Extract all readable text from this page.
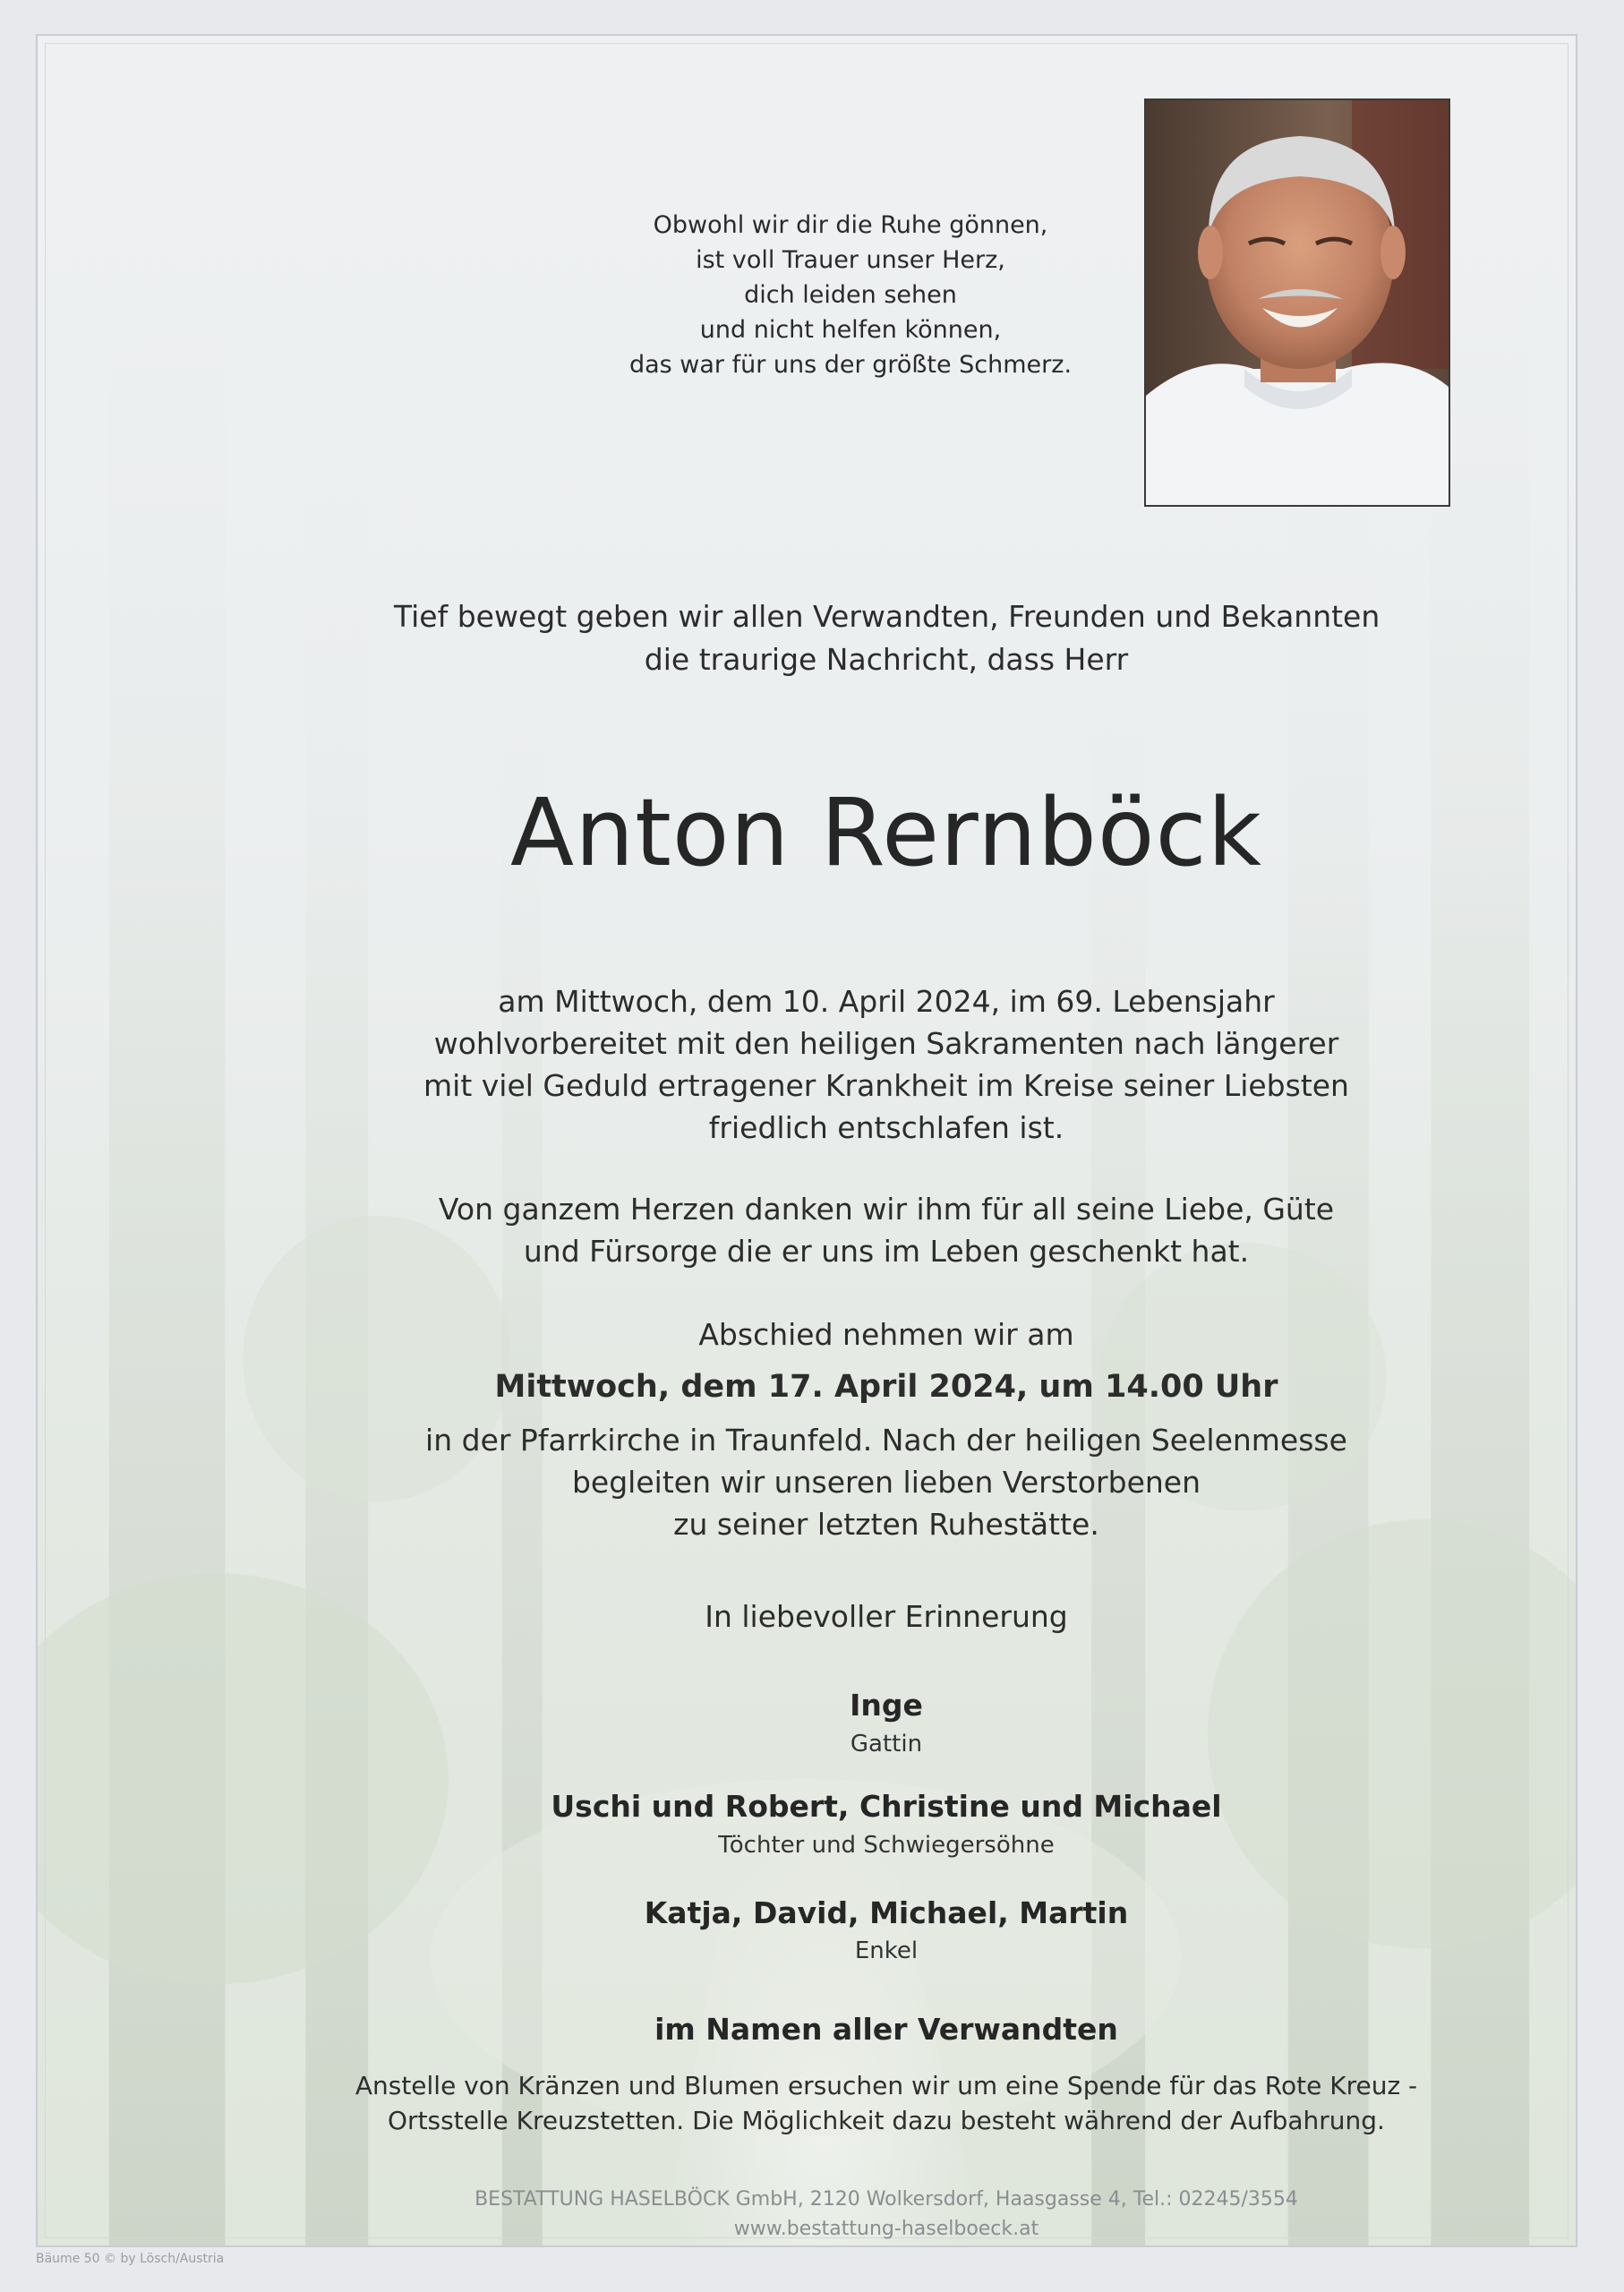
Obwohl wir dir die Ruhe gönnen,
ist voll Trauer unser Herz,
dich leiden sehen
und nicht helfen können,
das war für uns der größte Schmerz.
Tief bewegt geben wir allen Verwandten, Freunden und Bekannten
die traurige Nachricht, dass Herr
Anton Rernböck
am Mittwoch, dem 10. April 2024, im 69. Lebensjahr
wohlvorbereitet mit den heiligen Sakramenten nach längerer
mit viel Geduld ertragener Krankheit im Kreise seiner Liebsten
friedlich entschlafen ist.
Von ganzem Herzen danken wir ihm für all seine Liebe, Güte
und Fürsorge die er uns im Leben geschenkt hat.
Abschied nehmen wir am
Mittwoch, dem 17. April 2024, um 14.00 Uhr
in der Pfarrkirche in Traunfeld. Nach der heiligen Seelenmesse
begleiten wir unseren lieben Verstorbenen
zu seiner letzten Ruhestätte.
In liebevoller Erinnerung
Inge
Gattin
Uschi und Robert, Christine und Michael
Töchter und Schwiegersöhne
Katja, David, Michael, Martin
Enkel
im Namen aller Verwandten
Anstelle von Kränzen und Blumen ersuchen wir um eine Spende für das Rote Kreuz -
Ortsstelle Kreuzstetten. Die Möglichkeit dazu besteht während der Aufbahrung.
BESTATTUNG HASELBÖCK GmbH, 2120 Wolkersdorf, Haasgasse 4, Tel.: 02245/3554
www.bestattung-haselboeck.at
Bäume 50 © by Lösch/Austria
